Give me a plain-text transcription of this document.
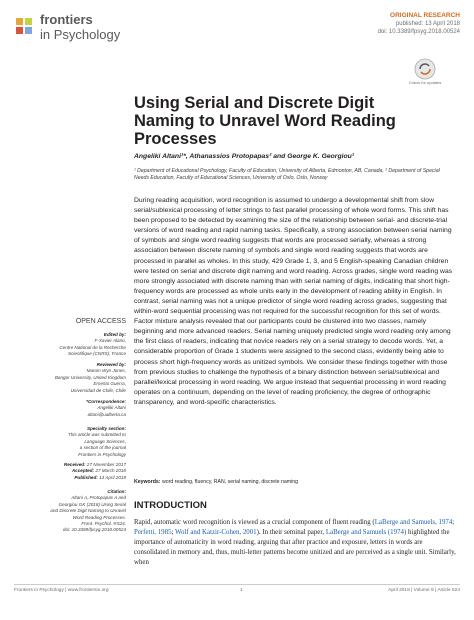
frontiers
in Psychology
ORIGINAL RESEARCH
published: 13 April 2018
doi: 10.3389/fpsyg.2018.00524
Check for updates
Using Serial and Discrete Digit Naming to Unravel Word Reading Processes
Angeliki Altani¹*, Athanassios Protopapas² and George K. Georgiou¹
¹ Department of Educational Psychology, Faculty of Education, University of Alberta, Edmonton, AB, Canada, ² Department of Special Needs Education, Faculty of Educational Sciences, University of Oslo, Oslo, Norway
During reading acquisition, word recognition is assumed to undergo a developmental shift from slow serial/sublexical processing of letter strings to fast parallel processing of whole word forms. This shift has been proposed to be detected by examining the size of the relationship between serial- and discrete-trial versions of word reading and rapid naming tasks. Specifically, a strong association between serial naming of symbols and single word reading suggests that words are processed serially, whereas a strong association between discrete naming of symbols and single word reading suggests that words are processed in parallel as wholes. In this study, 429 Grade 1, 3, and 5 English-speaking Canadian children were tested on serial and discrete digit naming and word reading. Across grades, single word reading was more strongly associated with discrete naming than with serial naming of digits, indicating that short high-frequency words are processed as whole units early in the development of reading ability in English. In contrast, serial naming was not a unique predictor of single word reading across grades, suggesting that within-word sequential processing was not required for the successful recognition for this set of words. Factor mixture analysis revealed that our participants could be clustered into two classes, namely beginning and more advanced readers. Serial naming uniquely predicted single word reading only among the first class of readers, indicating that novice readers rely on a serial strategy to decode words. Yet, a considerable proportion of Grade 1 students were assigned to the second class, evidently being able to process short high-frequency words as unitized symbols. We consider these findings together with those from previous studies to challenge the hypothesis of a binary distinction between serial/sublexical and parallel/lexical processing in word reading. We argue instead that sequential processing in word reading operates on a continuum, depending on the level of reading proficiency, the degree of orthographic transparency, and word-specific characteristics.
Keywords: word reading, fluency, RAN, serial naming, discrete naming
INTRODUCTION
Rapid, automatic word recognition is viewed as a crucial component of fluent reading (LaBerge and Samuels, 1974; Perfetti, 1985; Wolf and Katzir-Cohen, 2001). In their seminal paper, LaBerge and Samuels (1974) highlighted the importance of automaticity in word reading, arguing that after practice and exposure, letters in words are consolidated in memory and, thus, multi-letter patterns become unitized and are perceived as a single unit. Similarly, when
OPEN ACCESS
Edited by:
F-Xavier Alario,
Centre National de la Recherche
Scientifique (CNRS), France
Reviewed by:
Manon Wyn Jones,
Bangor University, United Kingdom
Ernesto Guerra,
Universidad de Chile, Chile
*Correspondence:
Angeliki Altani
altani@ualberta.ca
Specialty section:
This article was submitted to
Language Sciences,
a section of the journal
Frontiers in Psychology
Received: 27 November 2017
Accepted: 27 March 2018
Published: 13 April 2018
Citation:
Altani A, Protopapas A and
Georgiou GK (2018) Using Serial
and Discrete Digit Naming to Unravel
Word Reading Processes.
Front. Psychol. 9:524.
doi: 10.3389/fpsyg.2018.00524
Frontiers in Psychology | www.frontiersin.org	1	April 2018 | Volume 9 | Article 524
